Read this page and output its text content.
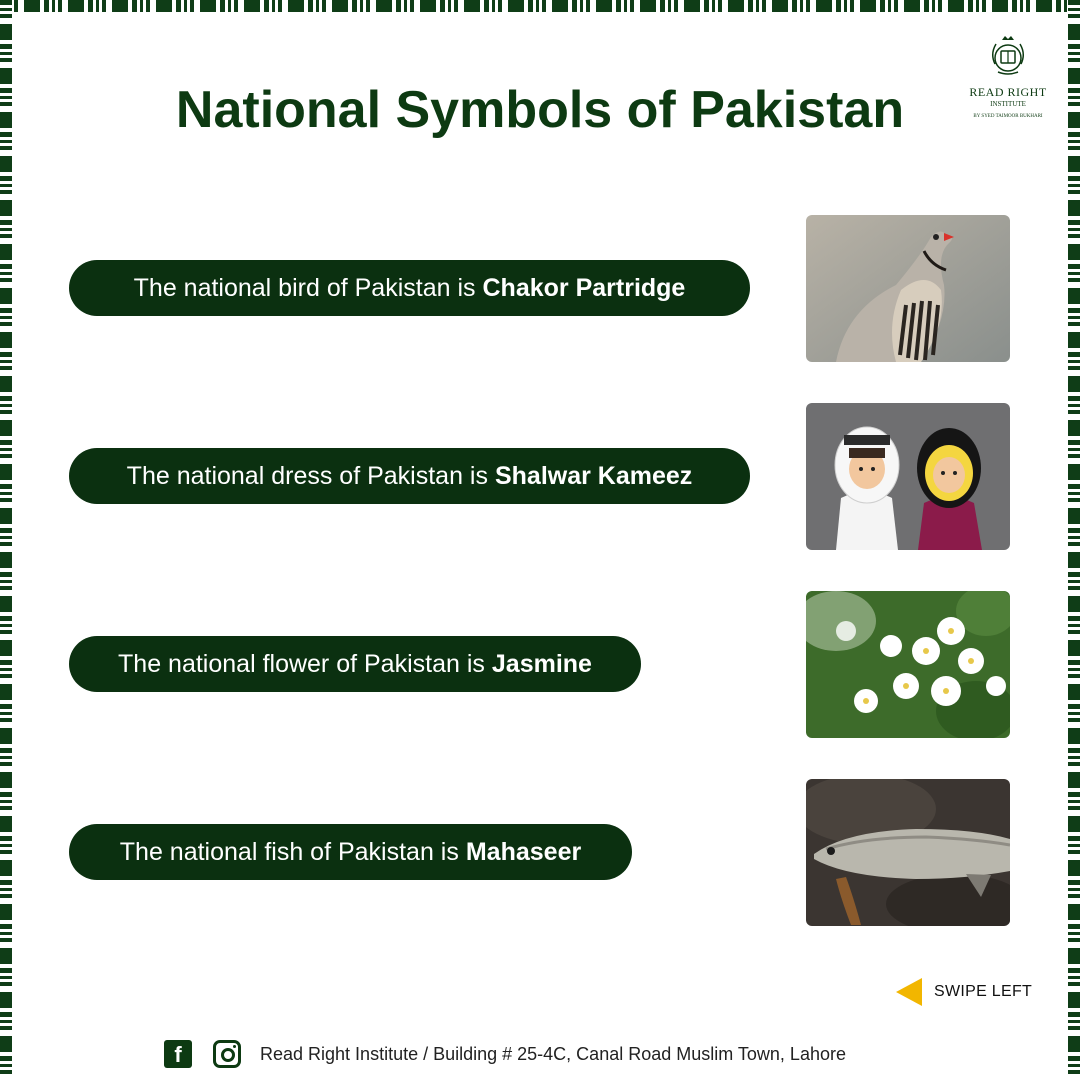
National Symbols of Pakistan	READ RIGHT
INSTITUTE
BY SYED TAIMOOR BUKHARI
The national bird of Pakistan is Chakor Partridge
The national dress of Pakistan is Shalwar Kameez
The national flower of Pakistan is Jasmine
The national fish of Pakistan is Mahaseer
SWIPE LEFT
f	Read Right Institute / Building # 25-4C, Canal Road Muslim Town, Lahore
